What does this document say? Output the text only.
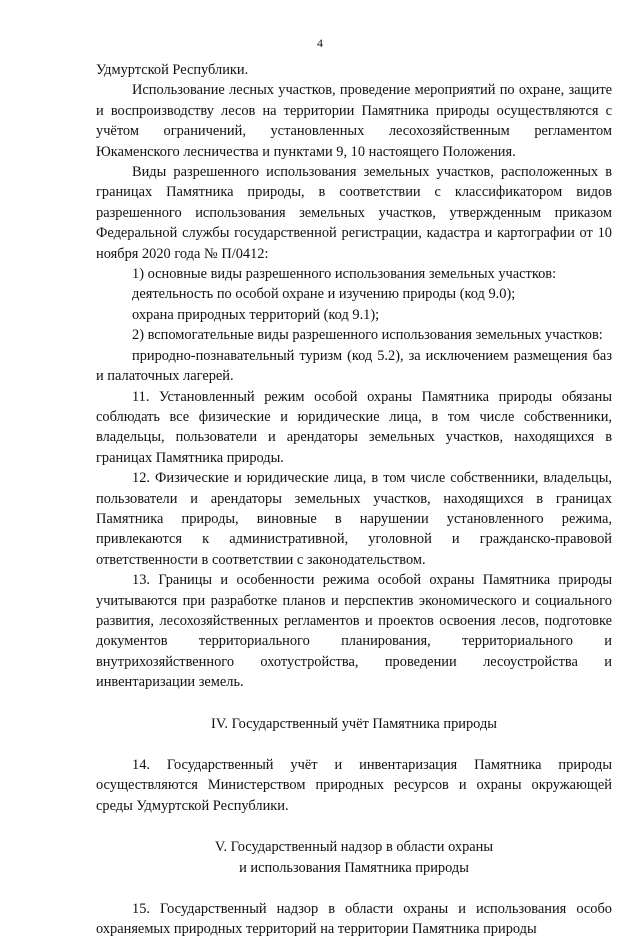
4

Удмуртской Республики.

Использование лесных участков, проведение мероприятий по охране, защите и воспроизводству лесов на территории Памятника природы осуществляются с учётом ограничений, установленных лесохозяйственным регламентом Юкаменского лесничества и пунктами 9, 10 настоящего Положения.

Виды разрешенного использования земельных участков, расположенных в границах Памятника природы, в соответствии с классификатором видов разрешенного использования земельных участков, утвержденным приказом Федеральной службы государственной регистрации, кадастра и картографии от 10 ноября 2020 года № П/0412:

1) основные виды разрешенного использования земельных участков:

деятельность по особой охране и изучению природы (код 9.0);

охрана природных территорий (код 9.1);

2) вспомогательные виды разрешенного использования земельных участков:

природно-познавательный туризм (код 5.2), за исключением размещения баз и палаточных лагерей.

11. Установленный режим особой охраны Памятника природы обязаны соблюдать все физические и юридические лица, в том числе собственники, владельцы, пользователи и арендаторы земельных участков, находящихся в границах Памятника природы.

12. Физические и юридические лица, в том числе собственники, владельцы, пользователи и арендаторы земельных участков, находящихся в границах Памятника природы, виновные в нарушении установленного режима, привлекаются к административной, уголовной и гражданско-правовой ответственности в соответствии с законодательством.

13. Границы и особенности режима особой охраны Памятника природы учитываются при разработке планов и перспектив экономического и социального развития, лесохозяйственных регламентов и проектов освоения лесов, подготовке документов территориального планирования, территориального и внутрихозяйственного охотустройства, проведении лесоустройства и инвентаризации земель.

IV. Государственный учёт Памятника природы

14. Государственный учёт и инвентаризация Памятника природы осуществляются Министерством природных ресурсов и охраны окружающей среды Удмуртской Республики.

V. Государственный надзор в области охраны

и использования Памятника природы

15. Государственный надзор в области охраны и использования особо охраняемых природных территорий на территории Памятника природы
